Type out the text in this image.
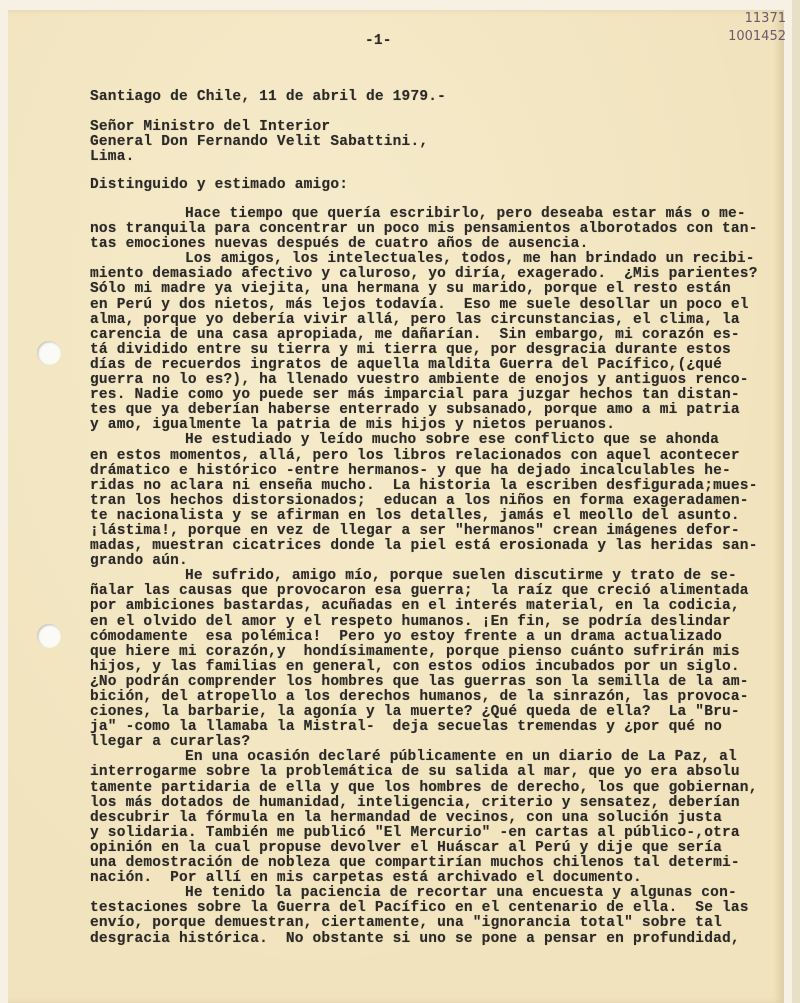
11371
1001452
-1-
Santiago de Chile, 11 de abril de 1979.-
Señor Ministro del Interior
General Don Fernando Velit Sabattini.,
Lima.
Distinguido y estimado amigo:
Hace tiempo que quería escribirlo, pero deseaba estar más o me-
nos tranquila para concentrar un poco mis pensamientos alborotados con tan-
tas emociones nuevas después de cuatro años de ausencia.
Los amigos, los intelectuales, todos, me han brindado un recibi-
miento demasiado afectivo y caluroso, yo diría, exagerado.  ¿Mis parientes?
Sólo mi madre ya viejita, una hermana y su marido, porque el resto están
en Perú y dos nietos, más lejos todavía.  Eso me suele desollar un poco el
alma, porque yo debería vivir allá, pero las circunstancias, el clima, la
carencia de una casa apropiada, me dañarían.  Sin embargo, mi corazón es-
tá dividido entre su tierra y mi tierra que, por desgracia durante estos
días de recuerdos ingratos de aquella maldita Guerra del Pacífico,(¿qué
guerra no lo es?), ha llenado vuestro ambiente de enojos y antiguos renco-
res. Nadie como yo puede ser más imparcial para juzgar hechos tan distan-
tes que ya deberían haberse enterrado y subsanado, porque amo a mi patria
y amo, igualmente la patria de mis hijos y nietos peruanos.
He estudiado y leído mucho sobre ese conflicto que se ahonda
en estos momentos, allá, pero los libros relacionados con aquel acontecer
drámatico e histórico -entre hermanos- y que ha dejado incalculables he-
ridas no aclara ni enseña mucho.  La historia la escriben desfigurada;mues-
tran los hechos distorsionados;  educan a los niños en forma exageradamen-
te nacionalista y se afirman en los detalles, jamás el meollo del asunto.
¡lástima!, porque en vez de llegar a ser "hermanos" crean imágenes defor-
madas, muestran cicatrices donde la piel está erosionada y las heridas san-
grando aún.
He sufrido, amigo mío, porque suelen discutirme y trato de se-
ñalar las causas que provocaron esa guerra;  la raíz que creció alimentada
por ambiciones bastardas, acuñadas en el interés material, en la codicia,
en el olvido del amor y el respeto humanos. ¡En fin, se podría deslindar
cómodamente  esa polémica!  Pero yo estoy frente a un drama actualizado
que hiere mi corazón,y  hondísimamente, porque pienso cuánto sufrirán mis
hijos, y las familias en general, con estos odios incubados por un siglo.
¿No podrán comprender los hombres que las guerras son la semilla de la am-
bición, del atropello a los derechos humanos, de la sinrazón, las provoca-
ciones, la barbarie, la agonía y la muerte? ¿Qué queda de ella?  La "Bru-
ja" -como la llamaba la Mistral-  deja secuelas tremendas y ¿por qué no
llegar a curarlas?
En una ocasión declaré públicamente en un diario de La Paz, al
interrogarme sobre la problemática de su salida al mar, que yo era absolu
tamente partidaria de ella y que los hombres de derecho, los que gobiernan,
los más dotados de humanidad, inteligencia, criterio y sensatez, deberían
descubrir la fórmula en la hermandad de vecinos, con una solución justa
y solidaria. También me publicó "El Mercurio" -en cartas al público-,otra
opinión en la cual propuse devolver el Huáscar al Perú y dije que sería
una demostración de nobleza que compartirían muchos chilenos tal determi-
nación.  Por allí en mis carpetas está archivado el documento.
He tenido la paciencia de recortar una encuesta y algunas con-
testaciones sobre la Guerra del Pacífico en el centenario de ella.  Se las
envío, porque demuestran, ciertamente, una "ignorancia total" sobre tal
desgracia histórica.  No obstante si uno se pone a pensar en profundidad,
